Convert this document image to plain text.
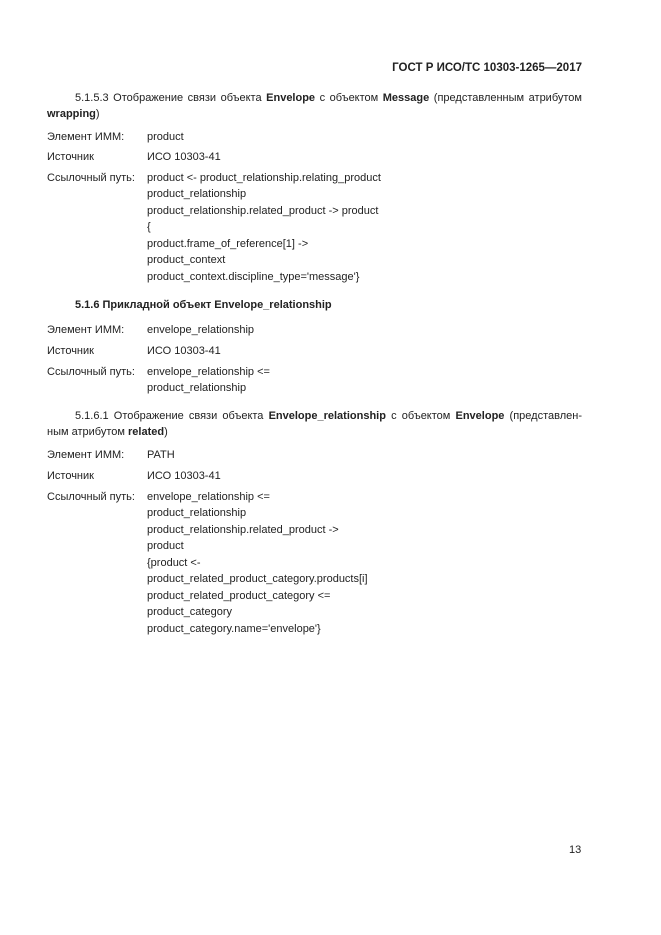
ГОСТ Р ИСО/ТС 10303-1265—2017
5.1.5.3 Отображение связи объекта Envelope с объектом Message (представленным атрибутом
wrapping)
Элемент ИММ: product
Источник	ИСО 10303-41
Ссылочный путь: product <- product_relationship.relating_product
product_relationship
product_relationship.related_product -> product
{
product.frame_of_reference[1] ->
product_context
product_context.discipline_type='message'}
5.1.6 Прикладной объект Envelope_relationship
Элемент ИММ: envelope_relationship
Источник	ИСО 10303-41
Ссылочный путь: envelope_relationship <=
product_relationship
5.1.6.1 Отображение связи объекта Envelope_relationship с объектом Envelope (представлен-
ным атрибутом related)
Элемент ИММ: PATH
Источник	ИСО 10303-41
Ссылочный путь: envelope_relationship <=
product_relationship
product_relationship.related_product ->
product
{product <-
product_related_product_category.products[i]
product_related_product_category <=
product_category
product_category.name='envelope'}
13
